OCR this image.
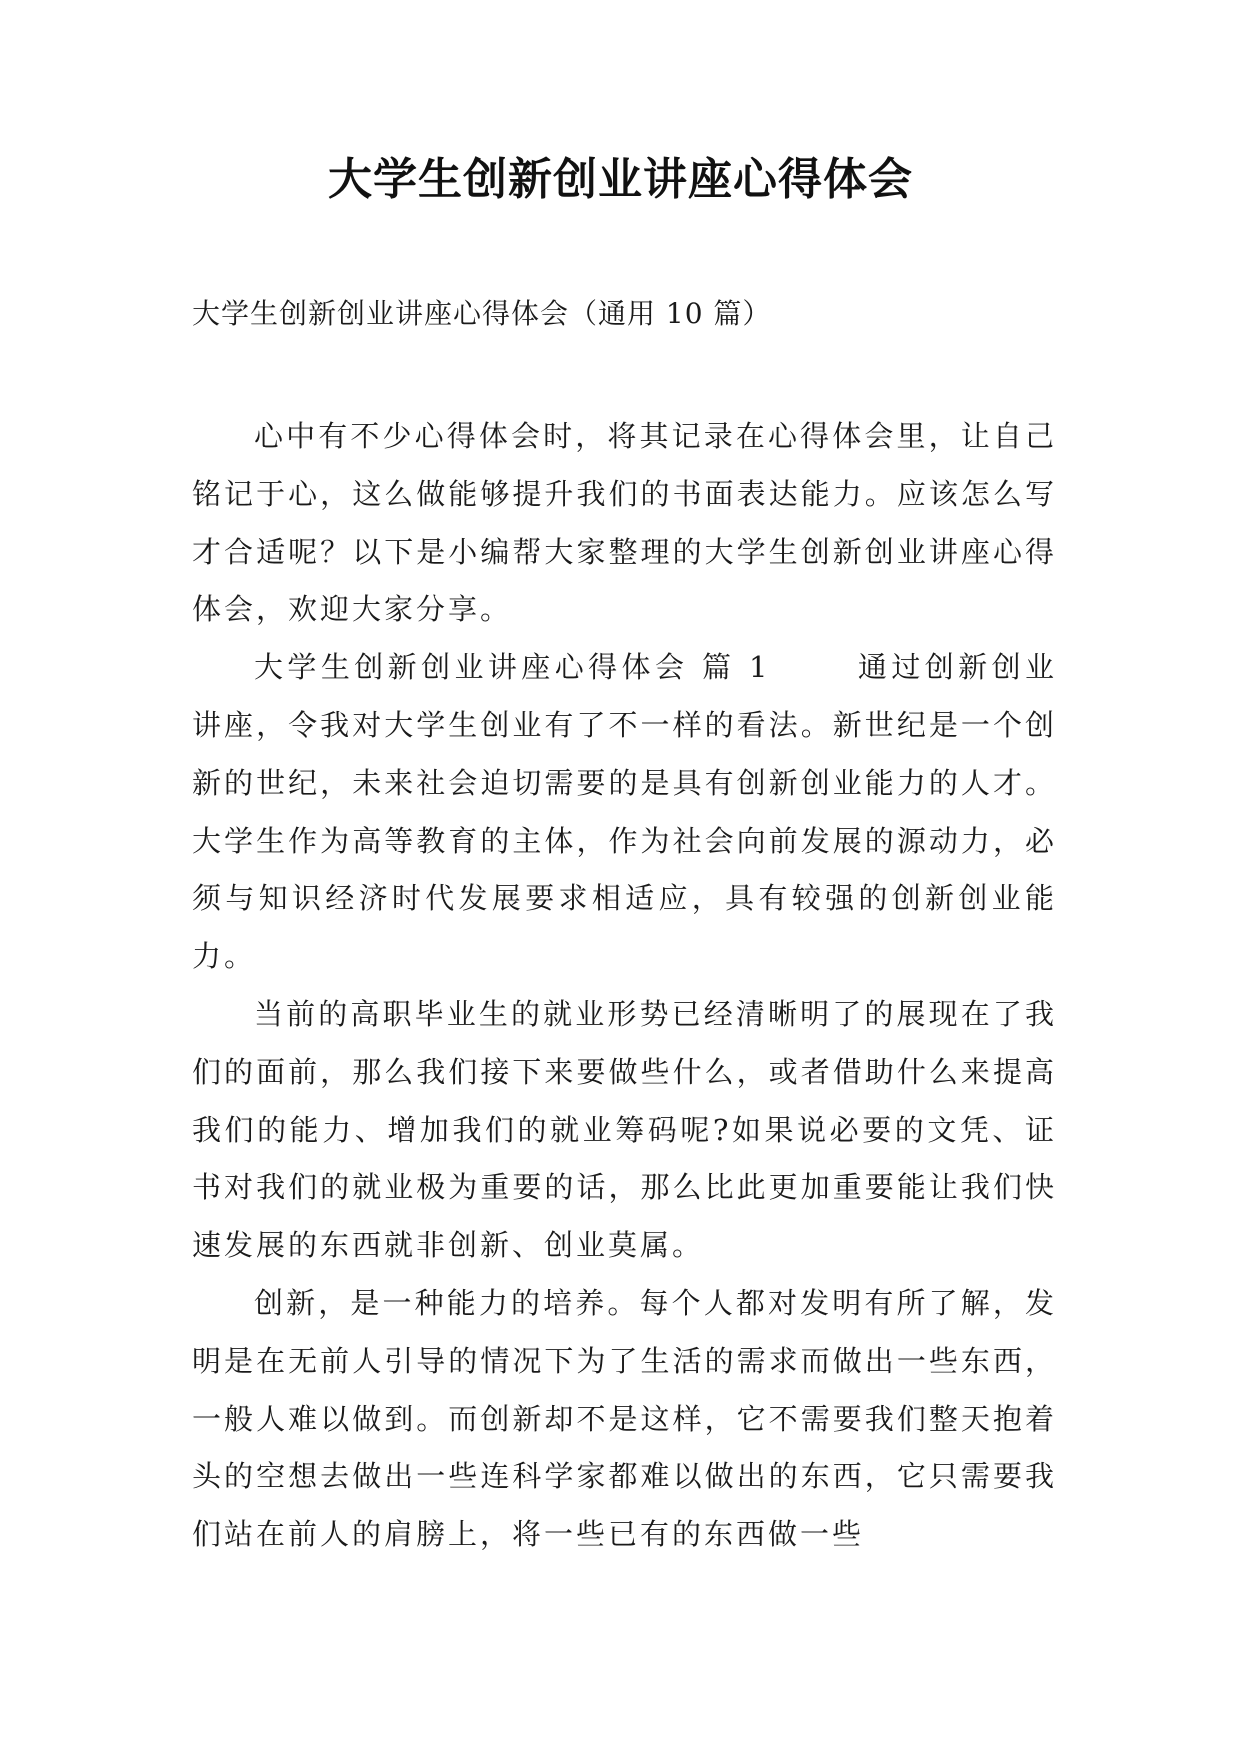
大学生创新创业讲座心得体会

大学生创新创业讲座心得体会（通用 10 篇）

心中有不少心得体会时，将其记录在心得体会里，让自己铭记于心，这么做能够提升我们的书面表达能力。应该怎么写才合适呢？以下是小编帮大家整理的大学生创新创业讲座心得体会，欢迎大家分享。

大学生创新创业讲座心得体会 篇 1	通过创新创业讲座，令我对大学生创业有了不一样的看法。新世纪是一个创新的世纪，未来社会迫切需要的是具有创新创业能力的人才。大学生作为高等教育的主体，作为社会向前发展的源动力，必须与知识经济时代发展要求相适应，具有较强的创新创业能力。

当前的高职毕业生的就业形势已经清晰明了的展现在了我们的面前，那么我们接下来要做些什么，或者借助什么来提高我们的能力、增加我们的就业筹码呢?如果说必要的文凭、证书对我们的就业极为重要的话，那么比此更加重要能让我们快速发展的东西就非创新、创业莫属。

创新，是一种能力的培养。每个人都对发明有所了解，发明是在无前人引导的情况下为了生活的需求而做出一些东西，一般人难以做到。而创新却不是这样，它不需要我们整天抱着头的空想去做出一些连科学家都难以做出的东西，它只需要我们站在前人的肩膀上，将一些已有的东西做一些
